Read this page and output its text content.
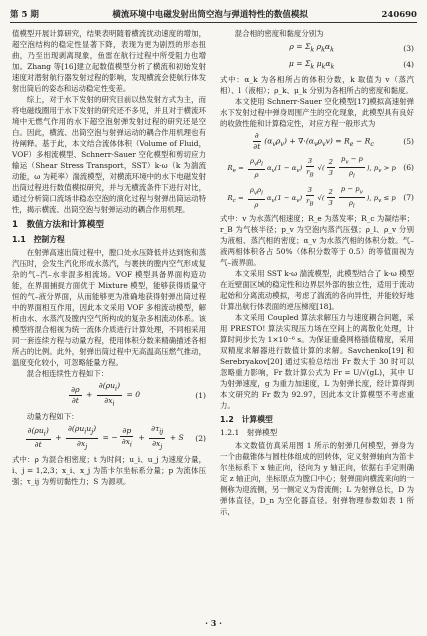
第 5 期	横流环境中电磁发射出筒空泡与弹道特性的数值模拟	240690

值模型开展计算研究，结果表明随着横流扰动速度的增加，超空泡结构的稳定性显著下降，表现为更为剧烈的形态扭曲，乃至出现剥离现象，鱼雷在航行过程中所受阻力也增加。Zhang 等[16]建立起数值模型分析了横流和初始发射速度对潜射航行器发射过程的影响，发现横流会使航行体发射出筒后的姿态和运动稳定性变差。

综上，对于水下发射的研究目前以热发射方式为主，而将电磁线圈用于水下发射的研究还不多见，并且对于横流环境中无燃气作用的水下超空泡射弹发射过程的研究还是空白。因此，横流、出筒空泡与射弹运动的耦合作用机理也有待阐释。基于此，本文结合流体体积（Volume of Fluid，VOF）多相流模型、Schnerr-Sauer 空化模型和剪切应力输运（Shear Stress Transport，SST）k-ω（k 为湍流动能，ω 为耗率）湍流模型，对横流环境中的水下电磁发射出筒过程进行数值模拟研究，并与无横流条件下进行对比，通过分析筒口流场非稳态空泡的演化过程与射弹出筒运动特性，揭示横流、出筒空泡与射弹运动的耦合作用机理。

1　数值方法和计算模型
1.1　控制方程

在射弹高速出筒过程中，膛口处水压降低并达到饱和蒸汽压时，会发生汽化形成水蒸汽，与裹挟的膛内空气形成复杂的气–汽–水非混多相流场。VOF 模型具备界面构造功能，在界面捕捉方面优于 Mixture 模型，能够获得质量守恒的气–液分界面，从而能够更为准确地获得射弹出筒过程中的界面相互作用，因此本文采用 VOF 多相流动模型，解析由水、水蒸汽及膛内空气所构成的复杂多相流动体系。该模型将混合相视为统一流体介质进行计算处理，不同相采用同一套连续方程与动量方程，使用体积分数来精确描述各相所占的比例。此外，射弹出筒过程中无高温高压燃气推动，温度变化较小，可忽略能量方程。

混合相连续性方程如下：

$\frac{\partial\rho}{\partial t} + \frac{\partial(\rho u_i)}{\partial x_i} = 0$	(1)

动量方程如下：

$\frac{\partial(\rho u_i)}{\partial t} + \frac{\partial(\rho u_iu_j)}{\partial x_j}$ = − $\frac{\partial p}{\partial x_i} + \frac{\partial\tau_{ij}}{\partial x_j} + S$	(2)

式中：ρ 为混合相密度；t 为时间；u_i、u_j 为速度分量，i、j = 1,2,3；x_i、x_j 为笛卡尔坐标系分量；p 为流体压强；τ_ij 为剪切黏性力；S 为源项。

混合相的密度和黏度分别为

$\rho = \Sigma_k$ $\rho_k\alpha_k$	(3)
$\mu = \Sigma_k$ $\mu_k\alpha_k$	(4)

式中：α_k 为各相所占的体积分数，k 取值为 v（蒸汽相）、l（液相）；ρ_k、μ_k 分别为各相所占的密度和黏度。

本文使用 Schnerr-Sauer 空化模型[17]模拟高速射弹水下发射过程中弹身周围产生的空化现象，此模型具有良好的收敛性能和计算稳定性，对应方程一般形式为

$\frac{\partial}{\partial t} (\alpha_v\rho_v) + \nabla\cdot(\alpha_v\rho_vv) = R_e - R_c$	(5)
$R_e = \frac{\rho_v\rho_l}{\rho} \alpha_v(1 - \alpha_v) \frac{3}{r_B}$ √( $\frac{2}{3} \frac{p_v - p}{\rho_l}$ ), $p_v > p$ (6)
$R_c = \frac{\rho_v\rho_l}{\rho} \alpha_v(1 - \alpha_v) \frac{3}{r_B}$ √( $\frac{2}{3} \frac{p - p_v}{\rho_l}$ ), $p_v \le p$ (7)

式中：v 为水蒸汽相速度；R_e 为蒸发率；R_c 为凝结率；r_B 为气核半径；p_v 为空泡内蒸汽压强；ρ_l、ρ_v 分别为液相、蒸汽相的密度；α_v 为水蒸汽相的体积分数。气–液两相体积各占 50%（体积分数等于 0.5）的等值面视为气–液界面。

本文采用 SST k-ω 湍流模型，此模型结合了 k-ω 模型在近壁面区域的稳定性和边界层外部的独立性，适用于流动起始和分离流动模拟，考虑了湍流的各向异性，并能较好地计算出航行体表面的逆压梯度[18]。

本文采用 Coupled 算法求解压力与速度耦合问题，采用 PRESTO! 算法实现压力场在空间上的离散化处理，计算时间步长为 1×10⁻⁶ s。为保证重叠网格插值精度，采用双精度求解器进行数值计算的求解。Savchenko[19] 和 Serebryakov[20] 通过实验总结出 Fr 数大于 30 时可以忽略重力影响，Fr 数计算公式为 Fr = U/√(gL)，其中 U 为射弹速度，g 为重力加速度，L 为射弹长度，经计算得到本文研究的 Fr 数为 92.97，因此本文计算模型不考虑重力。

1.2　计算模型
1.2.1　射弹模型

本文数值仿真采用图 1 所示的射弹几何模型，弹身为一个由截锥体与圆柱体组成的回转体，定义射弹轴向为笛卡尔坐标系下 x 轴正向，径向为 y 轴正向，依据右手定则确定 z 轴正向，坐标原点为膛口中心；射弹面向横流来向的一侧称为迎流侧，另一侧定义为背流侧；L 为射弹总长，D 为弹体直径，D_n 为空化器直径。射弹物理参数如表 1 所示，

· 3 ·
